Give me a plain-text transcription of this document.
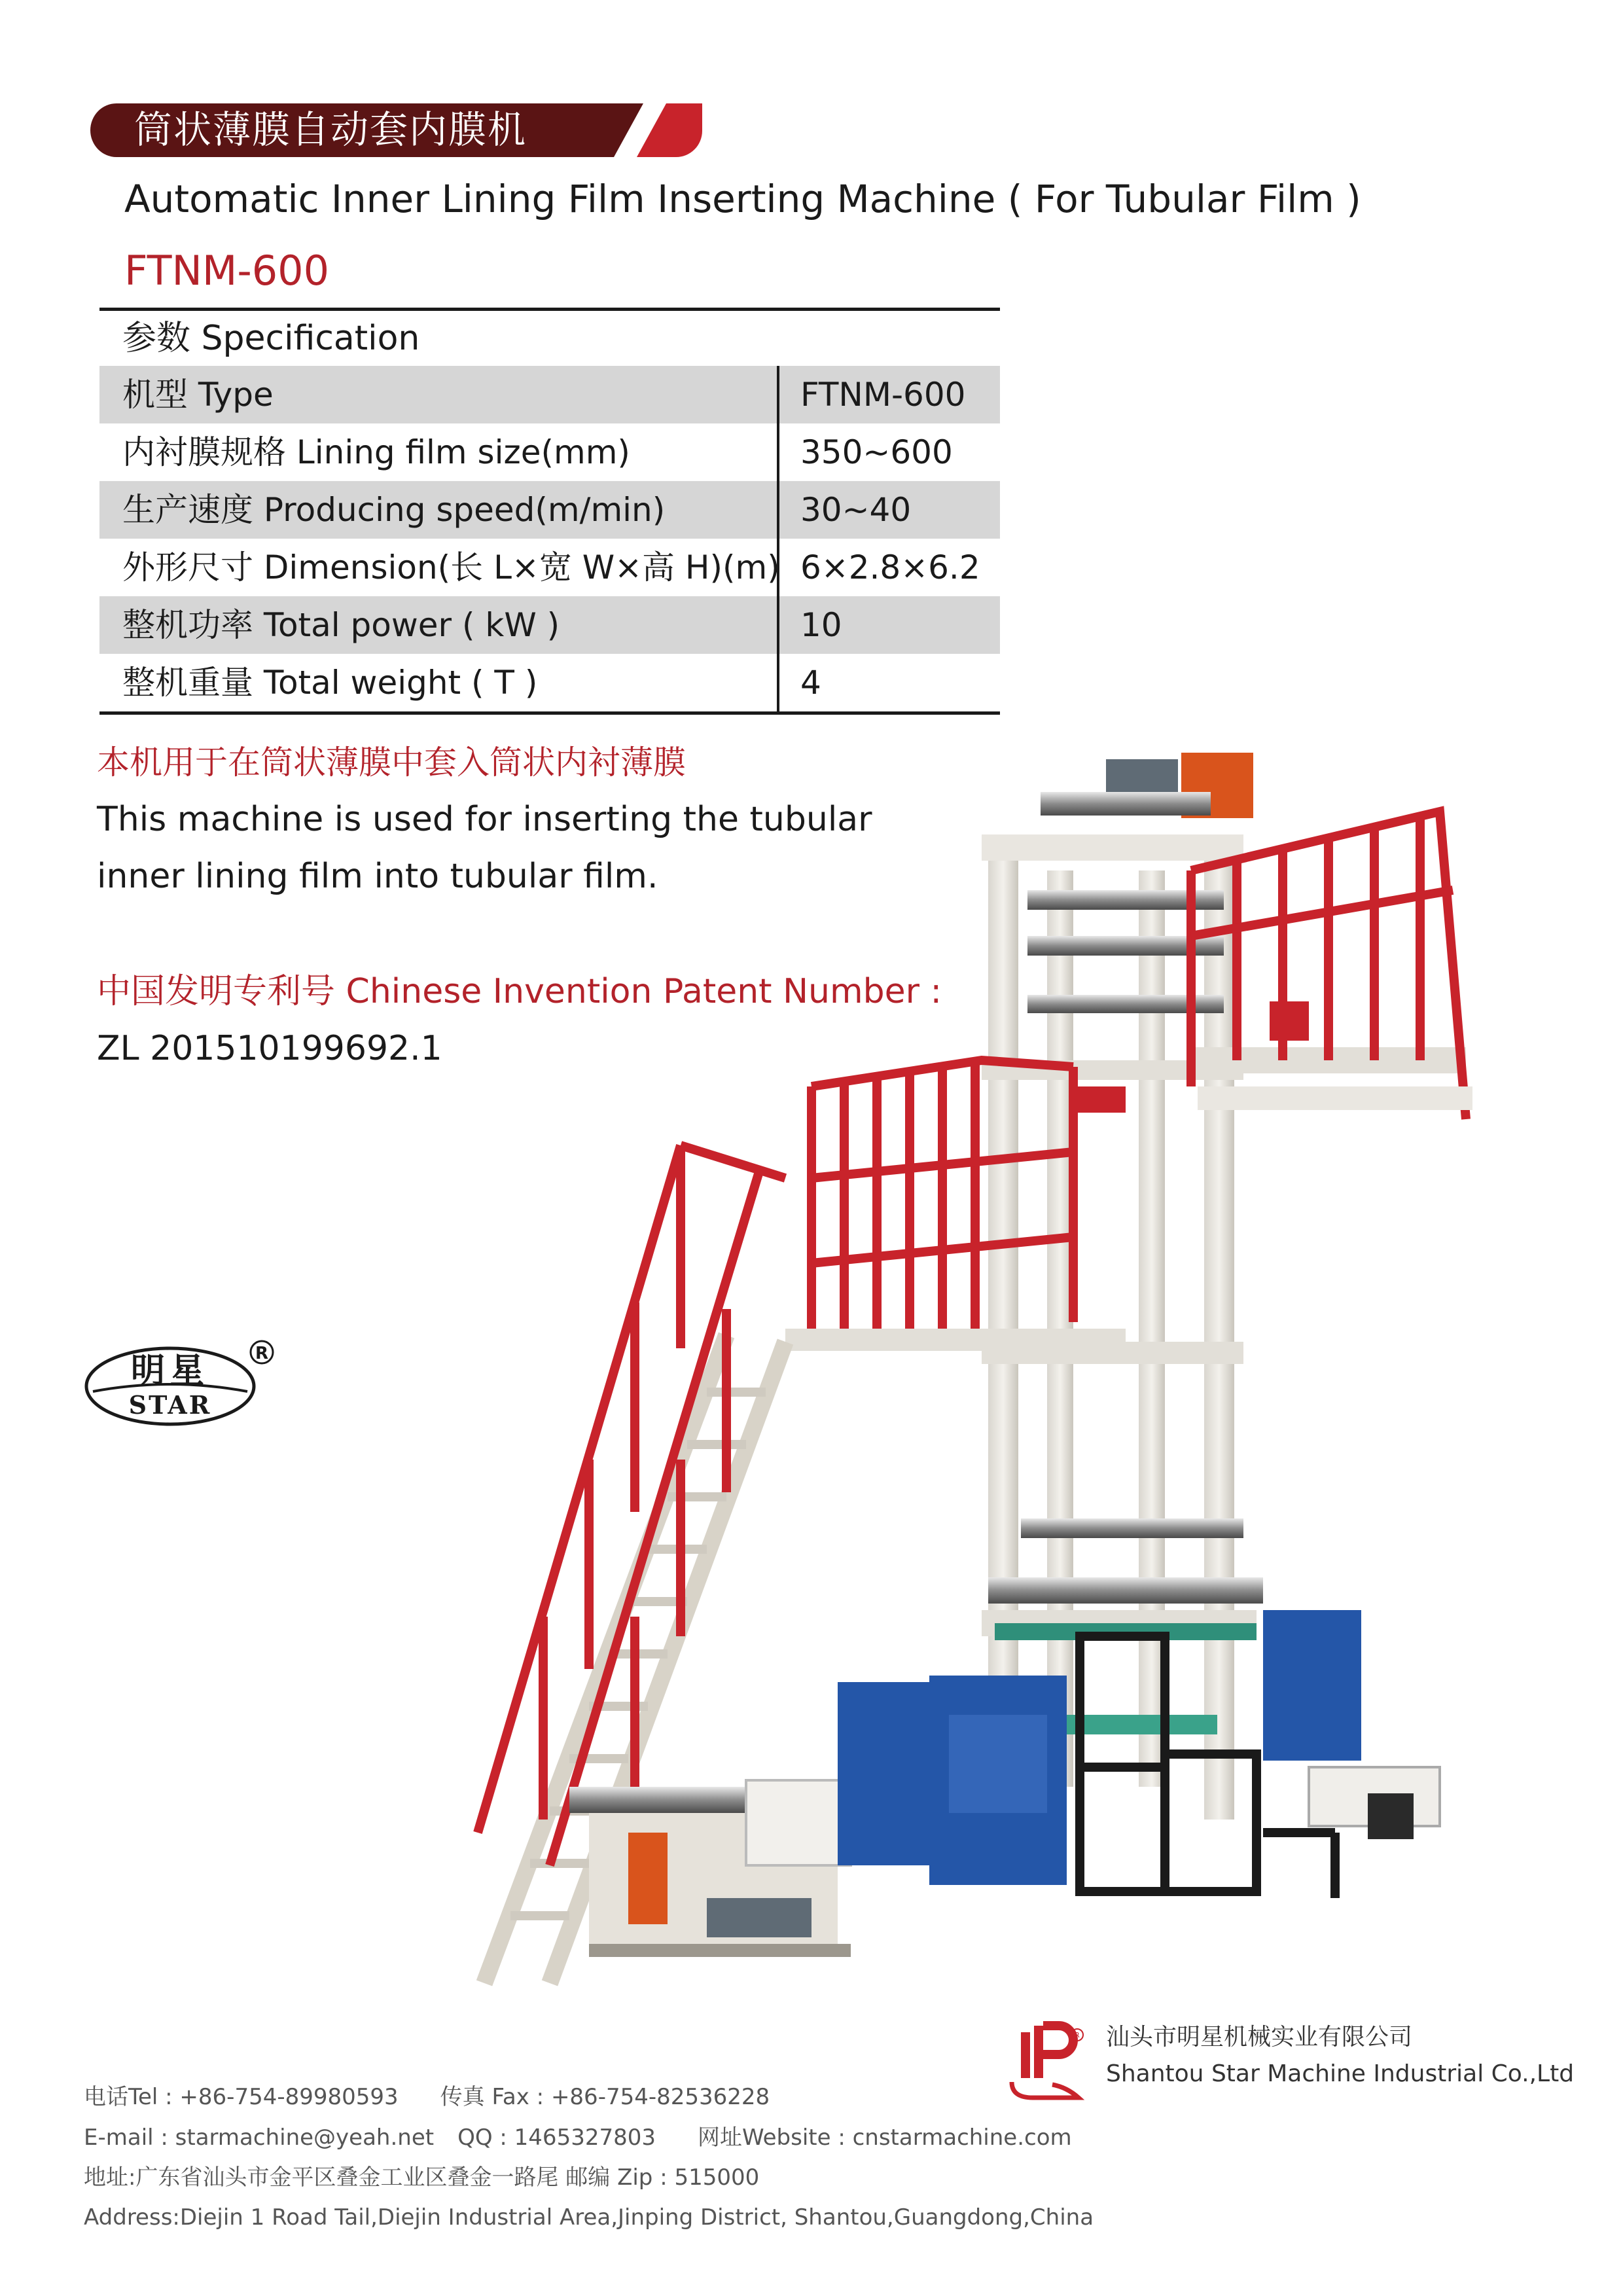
筒状薄膜自动套内膜机
Automatic Inner Lining Film Inserting Machine ( For Tubular Film )
FTNM-600
参数 Specification
机型 Type	FTNM-600
内衬膜规格 Lining film size(mm)	350~600
生产速度 Producing speed(m/min)	30~40
外形尺寸 Dimension(长 L×宽 W×高 H)(m) 6×2.8×6.2
整机功率 Total power ( kW )	10
整机重量 Total weight ( T )	4
本机用于在筒状薄膜中套入筒状内衬薄膜
This machine is used for inserting the tubular
inner lining film into tubular film.
中国发明专利号 Chinese Invention Patent Number :
ZL 201510199692.1
明星
STAR
R
R 汕头市明星机械实业有限公司
Shantou Star Machine Industrial Co.,Ltd
电话Tel : +86-754-89980593 传真 Fax : +86-754-82536228
E-mail : starmachine@yeah.net QQ : 1465327803 网址Website : cnstarmachine.com
地址:广东省汕头市金平区叠金工业区叠金一路尾 邮编 Zip : 515000
Address:Diejin 1 Road Tail,Diejin Industrial Area,Jinping District, Shantou,Guangdong,China
